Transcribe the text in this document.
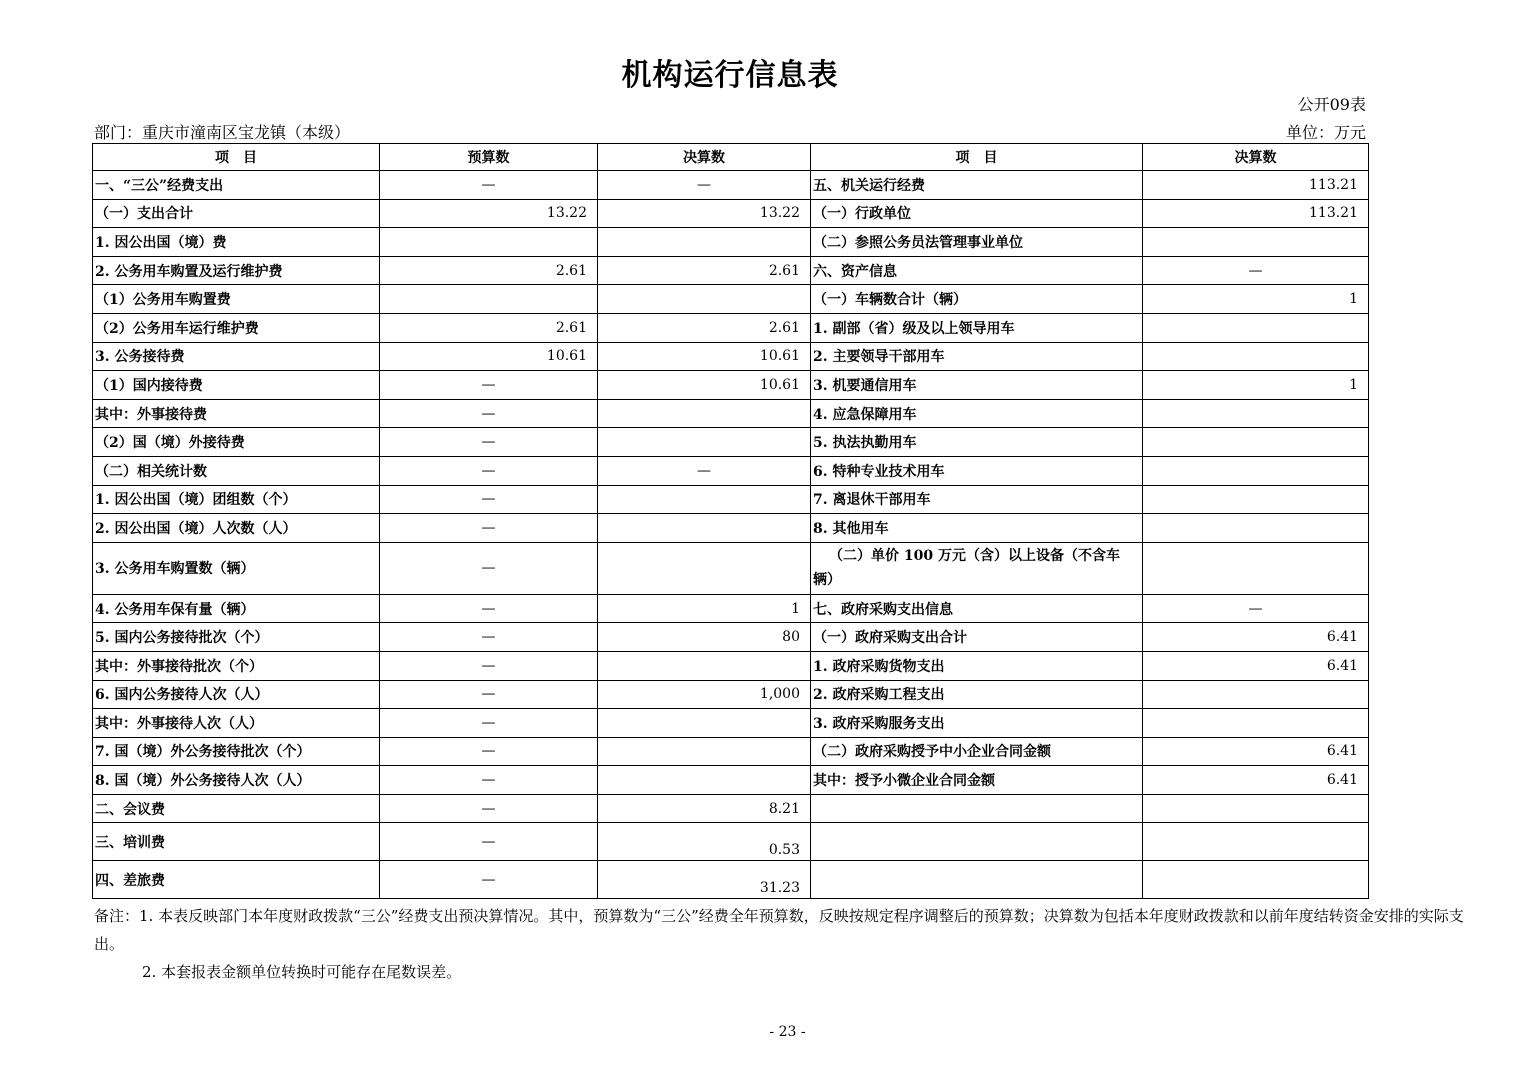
机构运行信息表
公开09表
部门：重庆市潼南区宝龙镇（本级）	单位：万元
项　目	预算数	决算数	项　目	决算数
一、“三公”经费支出	—	—	五、机关运行经费	113.21
（一）支出合计	13.22	13.22	（一）行政单位	113.21
1. 因公出国（境）费			（二）参照公务员法管理事业单位	
2. 公务用车购置及运行维护费	2.61	2.61	六、资产信息	—
（1）公务用车购置费			（一）车辆数合计（辆）	1
（2）公务用车运行维护费	2.61	2.61	1. 副部（省）级及以上领导用车	
3. 公务接待费	10.61	10.61	2. 主要领导干部用车	
（1）国内接待费	—	10.61	3. 机要通信用车	1
其中：外事接待费	—		4. 应急保障用车	
（2）国（境）外接待费	—		5. 执法执勤用车	
（二）相关统计数	—	—	6. 特种专业技术用车	
1. 因公出国（境）团组数（个）	—		7. 离退休干部用车	
2. 因公出国（境）人次数（人）	—		8. 其他用车	
3. 公务用车购置数（辆）	—		（二）单价 100 万元（含）以上设备（不含车辆）	
4. 公务用车保有量（辆）	—	1	七、政府采购支出信息	—
5. 国内公务接待批次（个）	—	80	（一）政府采购支出合计	6.41
其中：外事接待批次（个）	—		1. 政府采购货物支出	6.41
6. 国内公务接待人次（人）	—	1,000	2. 政府采购工程支出	
其中：外事接待人次（人）	—		3. 政府采购服务支出	
7. 国（境）外公务接待批次（个）	—		（二）政府采购授予中小企业合同金额	6.41
8. 国（境）外公务接待人次（人）	—		其中：授予小微企业合同金额	6.41
二、会议费	—	8.21		
三、培训费	—	0.53		
四、差旅费	—	31.23		
备注：1. 本表反映部门本年度财政拨款“三公”经费支出预决算情况。其中，预算数为“三公”经费全年预算数，反映按规定程序调整后的预算数；决算数为包括本年度财政拨款和以前年度结转资金安排的实际支出。
2. 本套报表金额单位转换时可能存在尾数误差。
- 23 -
